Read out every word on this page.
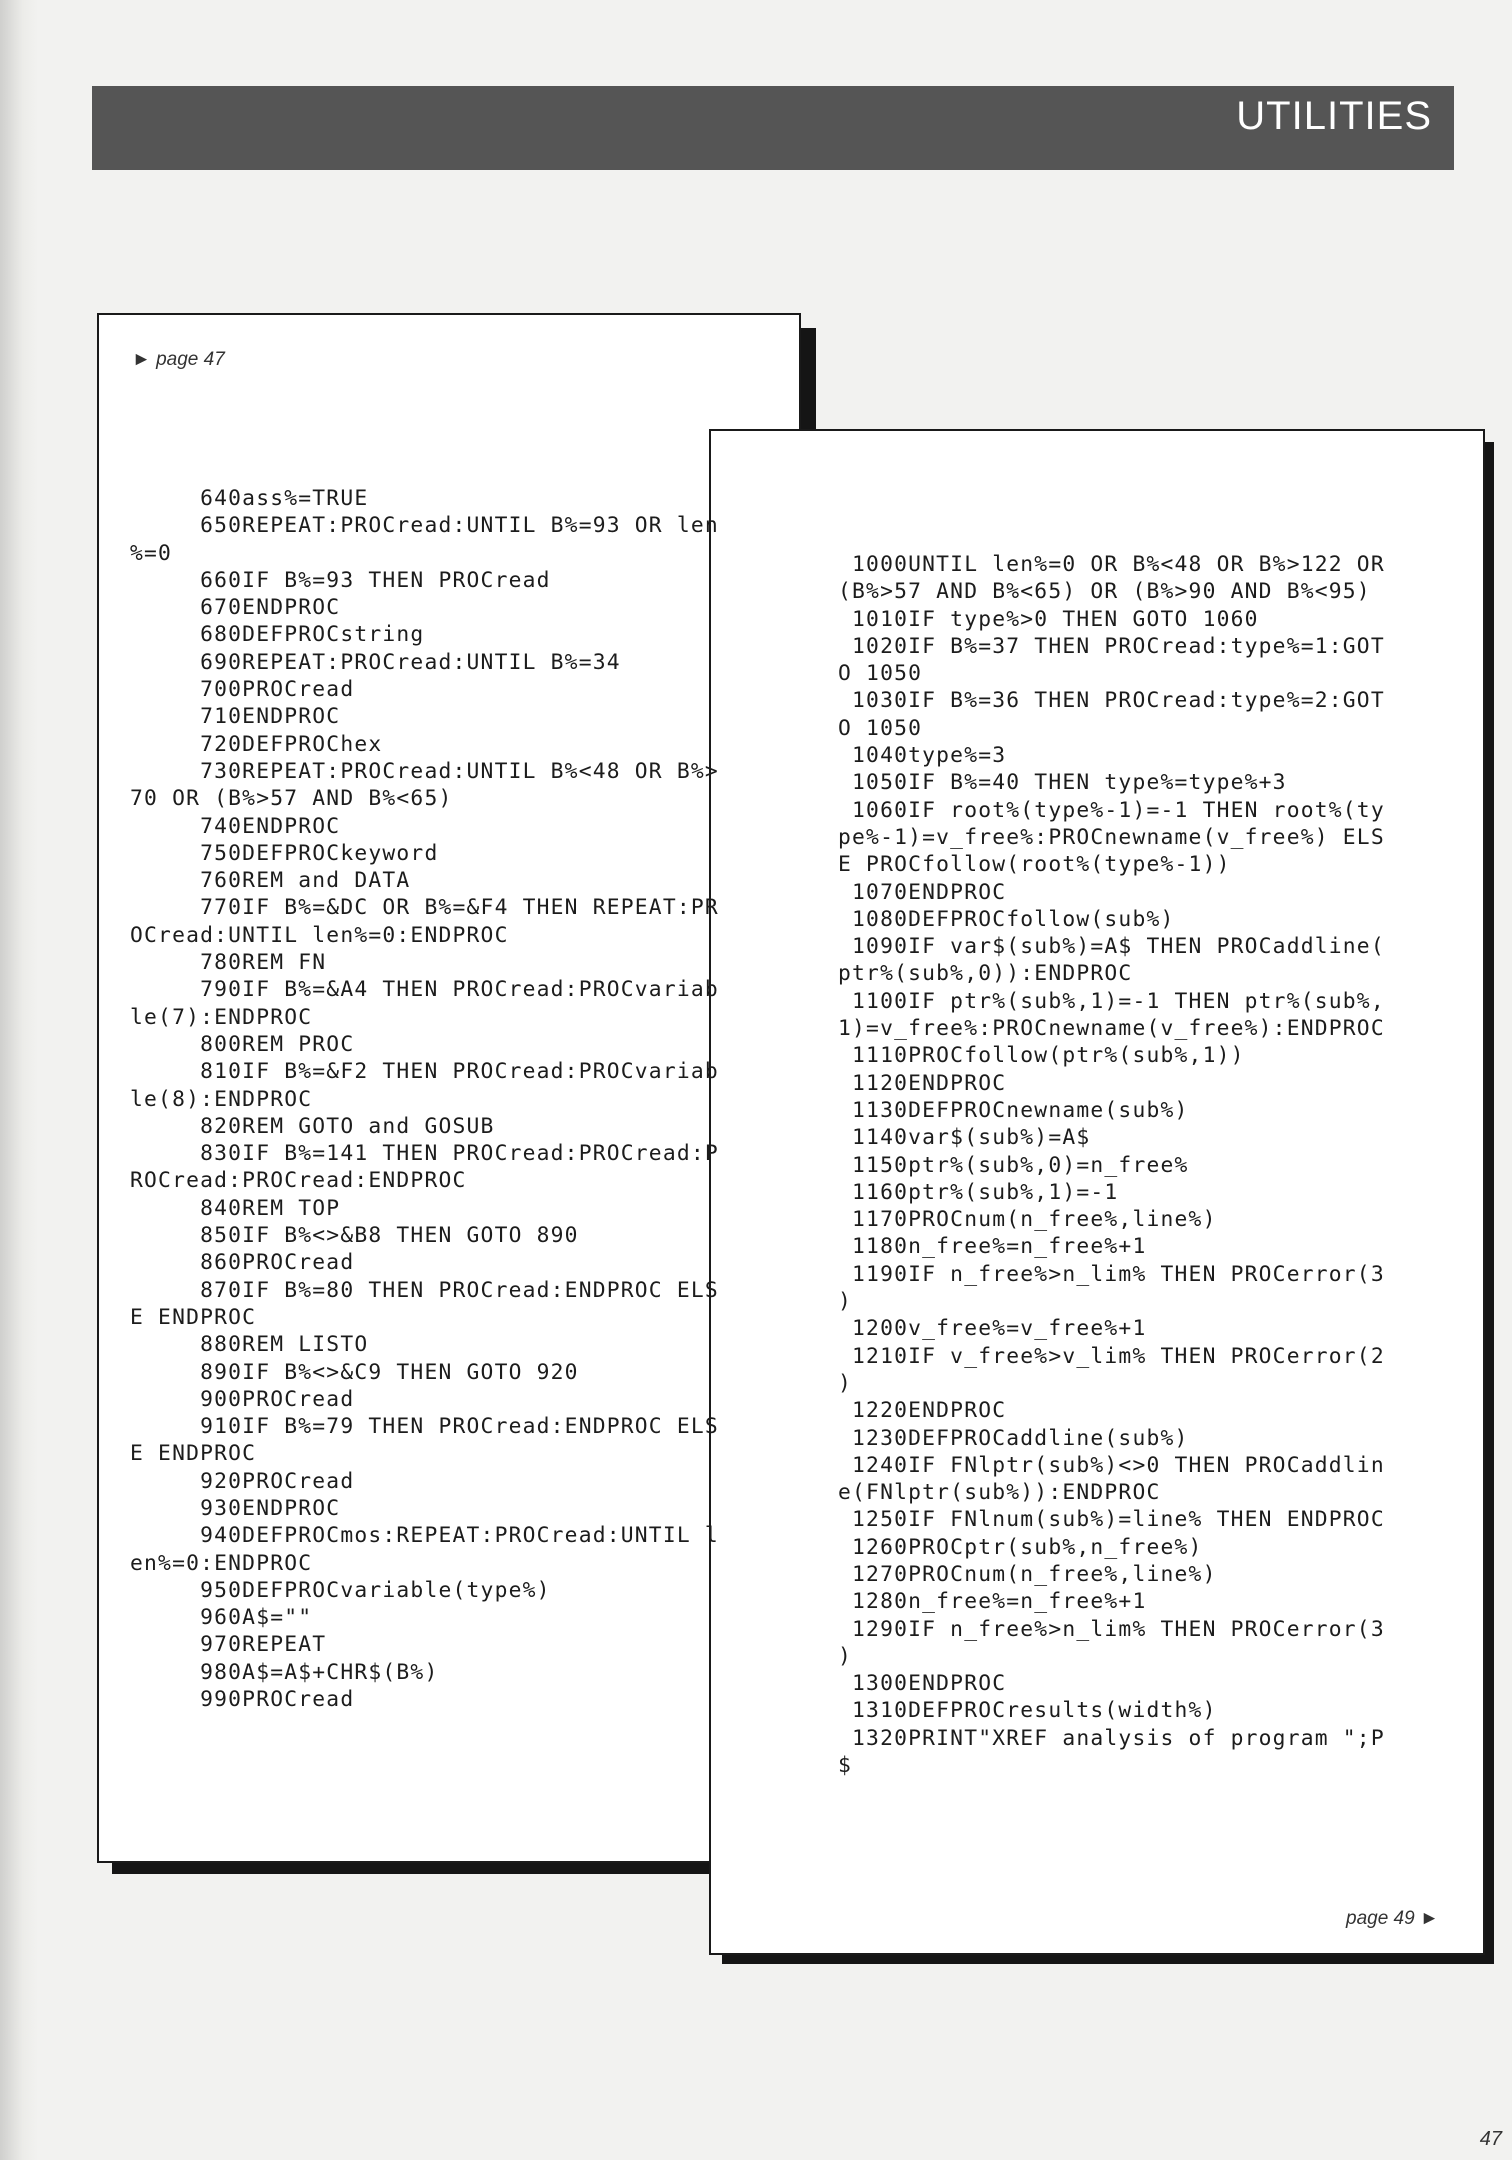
UTILITIES
► page 47
640ass%=TRUE
650REPEAT:PROCread:UNTIL B%=93 OR len
%=0
660IF B%=93 THEN PROCread
670ENDPROC
680DEFPROCstring
690REPEAT:PROCread:UNTIL B%=34
700PROCread
710ENDPROC
720DEFPROChex
730REPEAT:PROCread:UNTIL B%<48 OR B%>
70 OR (B%>57 AND B%<65)
740ENDPROC
750DEFPROCkeyword
760REM and DATA
770IF B%=&DC OR B%=&F4 THEN REPEAT:PR
OCread:UNTIL len%=0:ENDPROC
780REM FN
790IF B%=&A4 THEN PROCread:PROCvariab
le(7):ENDPROC
800REM PROC
810IF B%=&F2 THEN PROCread:PROCvariab
le(8):ENDPROC
820REM GOTO and GOSUB
830IF B%=141 THEN PROCread:PROCread:P
ROCread:PROCread:ENDPROC
840REM TOP
850IF B%<>&B8 THEN GOTO 890
860PROCread
870IF B%=80 THEN PROCread:ENDPROC ELS
E ENDPROC
880REM LISTO
890IF B%<>&C9 THEN GOTO 920
900PROCread
910IF B%=79 THEN PROCread:ENDPROC ELS
E ENDPROC
920PROCread
930ENDPROC
940DEFPROCmos:REPEAT:PROCread:UNTIL l
en%=0:ENDPROC
950DEFPROCvariable(type%)
960A$=""
970REPEAT
980A$=A$+CHR$(B%)
990PROCread
1000UNTIL len%=0 OR B%<48 OR B%>122 OR
(B%>57 AND B%<65) OR (B%>90 AND B%<95)
1010IF type%>0 THEN GOTO 1060
1020IF B%=37 THEN PROCread:type%=1:GOT
O 1050
1030IF B%=36 THEN PROCread:type%=2:GOT
O 1050
1040type%=3
1050IF B%=40 THEN type%=type%+3
1060IF root%(type%-1)=-1 THEN root%(ty
pe%-1)=v_free%:PROCnewname(v_free%) ELS
E PROCfollow(root%(type%-1))
1070ENDPROC
1080DEFPROCfollow(sub%)
1090IF var$(sub%)=A$ THEN PROCaddline(
ptr%(sub%,0)):ENDPROC
1100IF ptr%(sub%,1)=-1 THEN ptr%(sub%,
1)=v_free%:PROCnewname(v_free%):ENDPROC
1110PROCfollow(ptr%(sub%,1))
1120ENDPROC
1130DEFPROCnewname(sub%)
1140var$(sub%)=A$
1150ptr%(sub%,0)=n_free%
1160ptr%(sub%,1)=-1
1170PROCnum(n_free%,line%)
1180n_free%=n_free%+1
1190IF n_free%>n_lim% THEN PROCerror(3
)
1200v_free%=v_free%+1
1210IF v_free%>v_lim% THEN PROCerror(2
)
1220ENDPROC
1230DEFPROCaddline(sub%)
1240IF FNlptr(sub%)<>0 THEN PROCaddlin
e(FNlptr(sub%)):ENDPROC
1250IF FNlnum(sub%)=line% THEN ENDPROC
1260PROCptr(sub%,n_free%)
1270PROCnum(n_free%,line%)
1280n_free%=n_free%+1
1290IF n_free%>n_lim% THEN PROCerror(3
)
1300ENDPROC
1310DEFPROCresults(width%)
1320PRINT"XREF analysis of program ";P
$
page 49 ►
47
